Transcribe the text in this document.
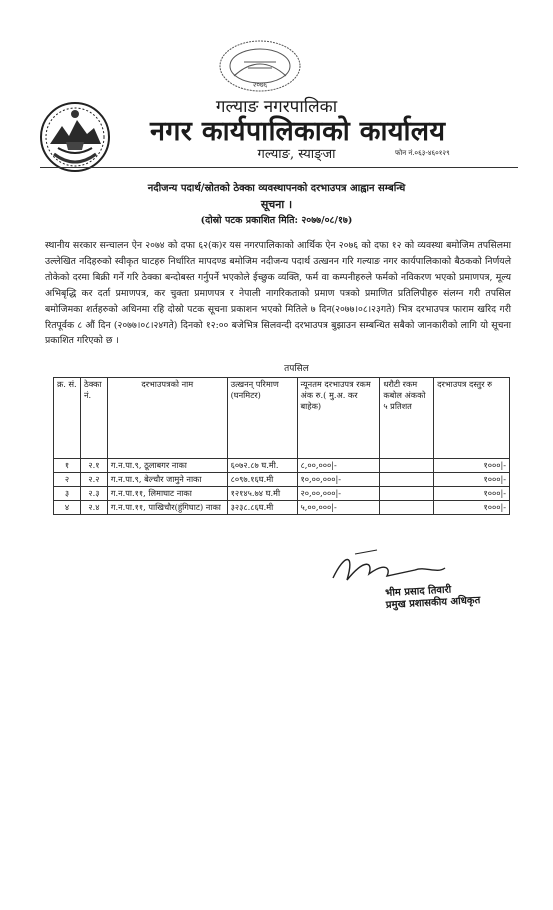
२०७६
गल्याङ नगरपालिका
नगर कार्यपालिकाको कार्यालय
गल्याङ, स्याङ्जा	फोन नं.०६३-४६०१२९
नदीजन्य पदार्थ/स्रोतको ठेक्का व्यवस्थापनको दरभाउपत्र आह्वान सम्बन्धि
सूचना ।
(दोस्रो पटक प्रकाशित मिति: २०७७/०८/१७)
स्थानीय सरकार सन्चालन ऐन २०७४ को दफा ६२(क)र यस नगरपालिकाको आर्थिक ऐन २०७६ को दफा १२ को व्यवस्था बमोजिम तपसिलमा उल्लेखित नदिहरुको स्वीकृत घाटहरु निर्धारित मापदण्ड बमोजिम नदीजन्य पदार्थ उत्खनन गरि गल्याङ नगर कार्यपालिकाको बैठकको निर्णयले तोकेको दरमा बिक्री गर्ने गरि ठेक्का बन्दोबस्त गर्नुपर्ने भएकोले ईच्छुक व्यक्ति, फर्म वा कम्पनीहरुले फर्मको नविकरण भएको प्रमाणपत्र, मूल्य अभिबृद्धि कर दर्ता प्रमाणपत्र, कर चुक्ता प्रमाणपत्र र नेपाली नागरिकताको प्रमाण पत्रको प्रमाणित प्रतिलिपीहरु संलग्न गरी तपसिल बमोजिमका शर्तहरुको अधिनमा रहि दोस्रो पटक सूचना प्रकाशन भएको मितिले ७ दिन(२०७७।०८।२३गते) भित्र दरभाउपत्र फाराम खरिद गरी रितपूर्वक ८ औं दिन (२०७७।०८।२४गते) दिनको १२:०० बजेभित्र सिलवन्दी दरभाउपत्र बुझाउन सम्बन्धित सबैको जानकारीको लागि यो सूचना प्रकाशित गरिएको छ ।
तपसिल
क्र. सं.	ठेक्का नं.	दरभाउपत्रको नाम	उत्खनन् परिमाण (घनमिटर)	न्यूनतम दरभाउपत्र रकम अंक रु.( मु.अ. कर बाहेक)	धरौटी रकम कबोल अंकको ५ प्रतिशत	दरभाउपत्र दस्तुर रु
१	२.१	ग.न.पा.९, ठूलाबगर नाका	६०७२.८७ घ.मी.	८,००,०००|-		१०००|-
२	२.२	ग.न.पा.९, बेल्चौर जामुने नाका	८०९७.१६घ.मी	१०,००,०००|-		१०००|-
३	२.३	ग.न.पा.११, लिमाघाट नाका	१२१४५.७४ घ.मी	२०,००,०००|-		१०००|-
४	२.४	ग.न.पा.११, पाखिचौर(हुंगिघाट) नाका	३२३८.८६घ.मी	५,००,०००|-		१०००|-
भीम प्रसाद तिवारी
प्रमुख प्रशासकीय अधिकृत
